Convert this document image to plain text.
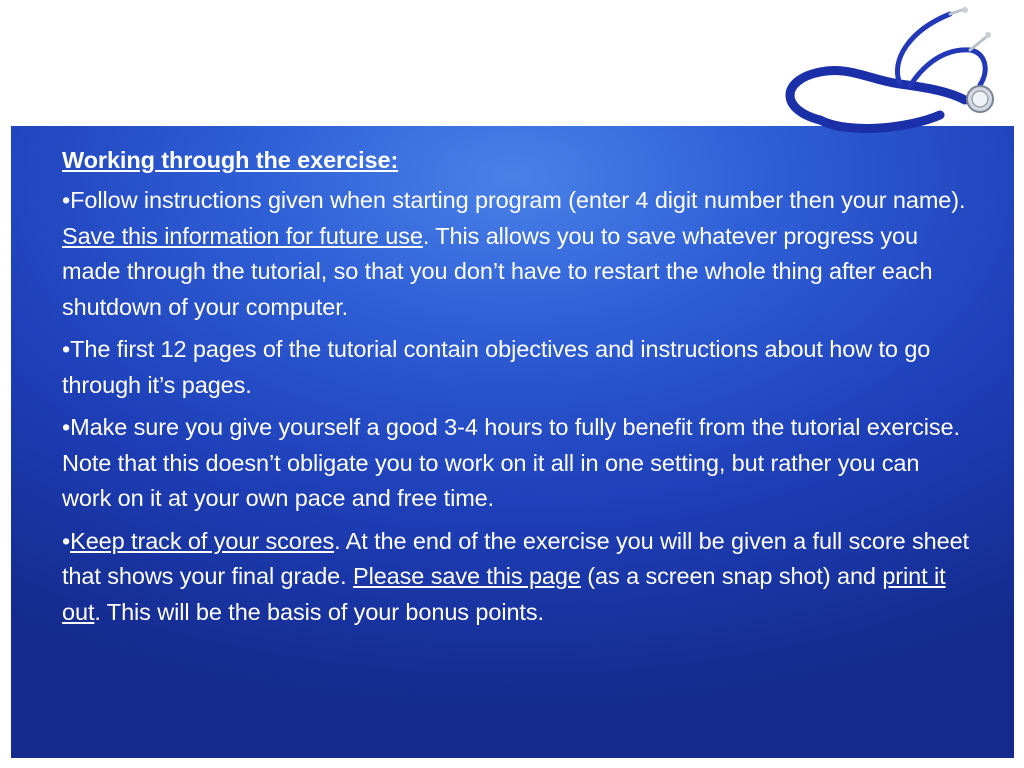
Working through the exercise:
•Follow instructions given when starting program (enter 4 digit number then your name). Save this information for future use. This allows you to save whatever progress you made through the tutorial, so that you don’t have to restart the whole thing after each shutdown of your computer.
•The first 12 pages of the tutorial contain objectives and instructions about how to go through it’s pages.
•Make sure you give yourself a good 3-4 hours to fully benefit from the tutorial exercise. Note that this doesn’t obligate you to work on it all in one setting, but rather you can work on it at your own pace and free time.
•Keep track of your scores. At the end of the exercise you will be given a full score sheet that shows your final grade. Please save this page (as a screen snap shot) and print it out. This will be the basis of your bonus points.
